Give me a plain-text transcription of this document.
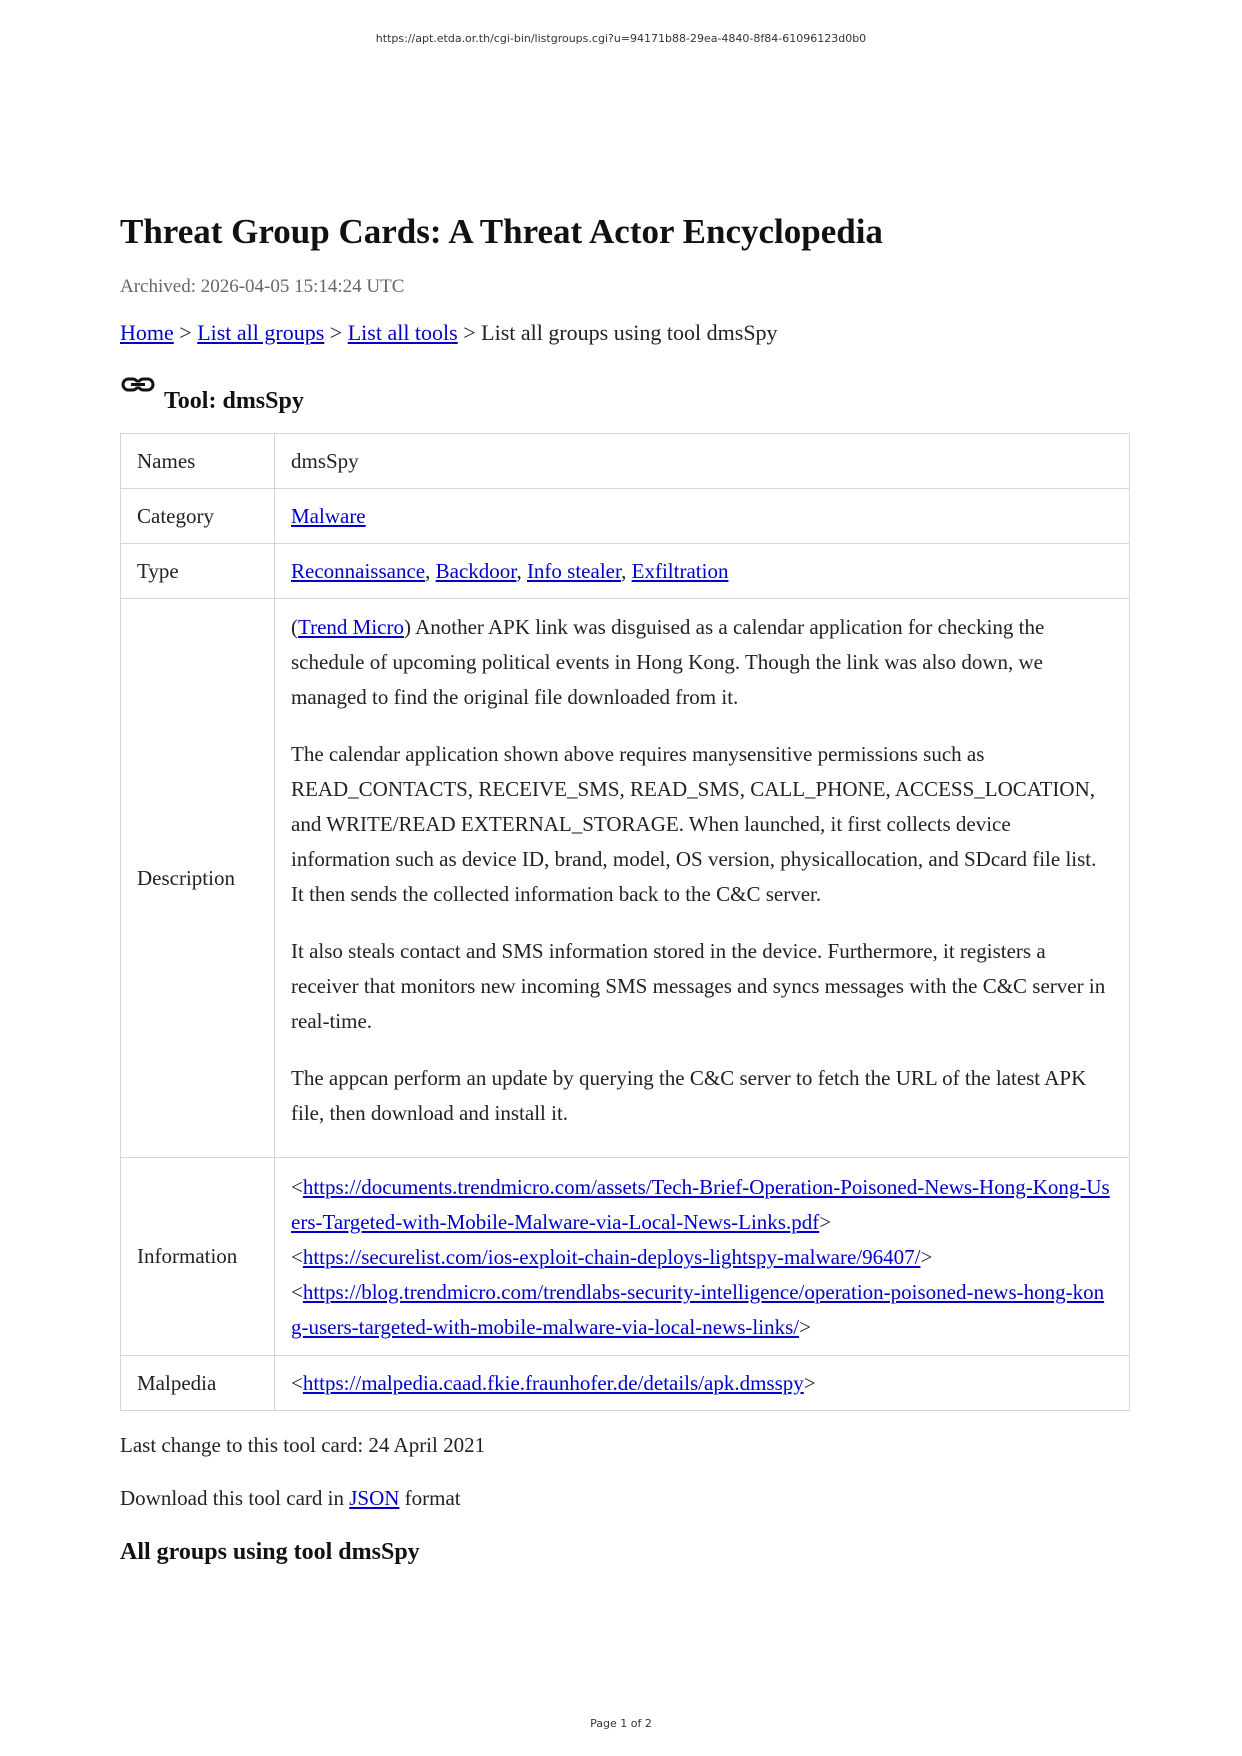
https://apt.etda.or.th/cgi-bin/listgroups.cgi?u=94171b88-29ea-4840-8f84-61096123d0b0
Threat Group Cards: A Threat Actor Encyclopedia
Archived: 2026-04-05 15:14:24 UTC
Home > List all groups > List all tools > List all groups using tool dmsSpy
Tool: dmsSpy
Names	dmsSpy
Category	Malware
Type	Reconnaissance, Backdoor, Info stealer, Exfiltration
Description	(Trend Micro) Another APK link was disguised as a calendar application for checking the schedule of upcoming political events in Hong Kong. Though the link was also down, we managed to find the original file downloaded from it.

The calendar application shown above requires manysensitive permissions such as READ_CONTACTS, RECEIVE_SMS, READ_SMS, CALL_PHONE, ACCESS_LOCATION, and WRITE/READ EXTERNAL_STORAGE. When launched, it first collects device information such as device ID, brand, model, OS version, physicallocation, and SDcard file list. It then sends the collected information back to the C&C server.

It also steals contact and SMS information stored in the device. Furthermore, it registers a receiver that monitors new incoming SMS messages and syncs messages with the C&C server in real-time.

The appcan perform an update by querying the C&C server to fetch the URL of the latest APK file, then download and install it.

Information	<https://documents.trendmicro.com/assets/Tech-Brief-Operation-Poisoned-News-Hong-Kong-Users-Targeted-with-Mobile-Malware-via-Local-News-Links.pdf>
<https://securelist.com/ios-exploit-chain-deploys-lightspy-malware/96407/>
<https://blog.trendmicro.com/trendlabs-security-intelligence/operation-poisoned-news-hong-kong-users-targeted-with-mobile-malware-via-local-news-links/>

Malpedia	<https://malpedia.caad.fkie.fraunhofer.de/details/apk.dmsspy>
Last change to this tool card: 24 April 2021
Download this tool card in JSON format
All groups using tool dmsSpy
Page 1 of 2
